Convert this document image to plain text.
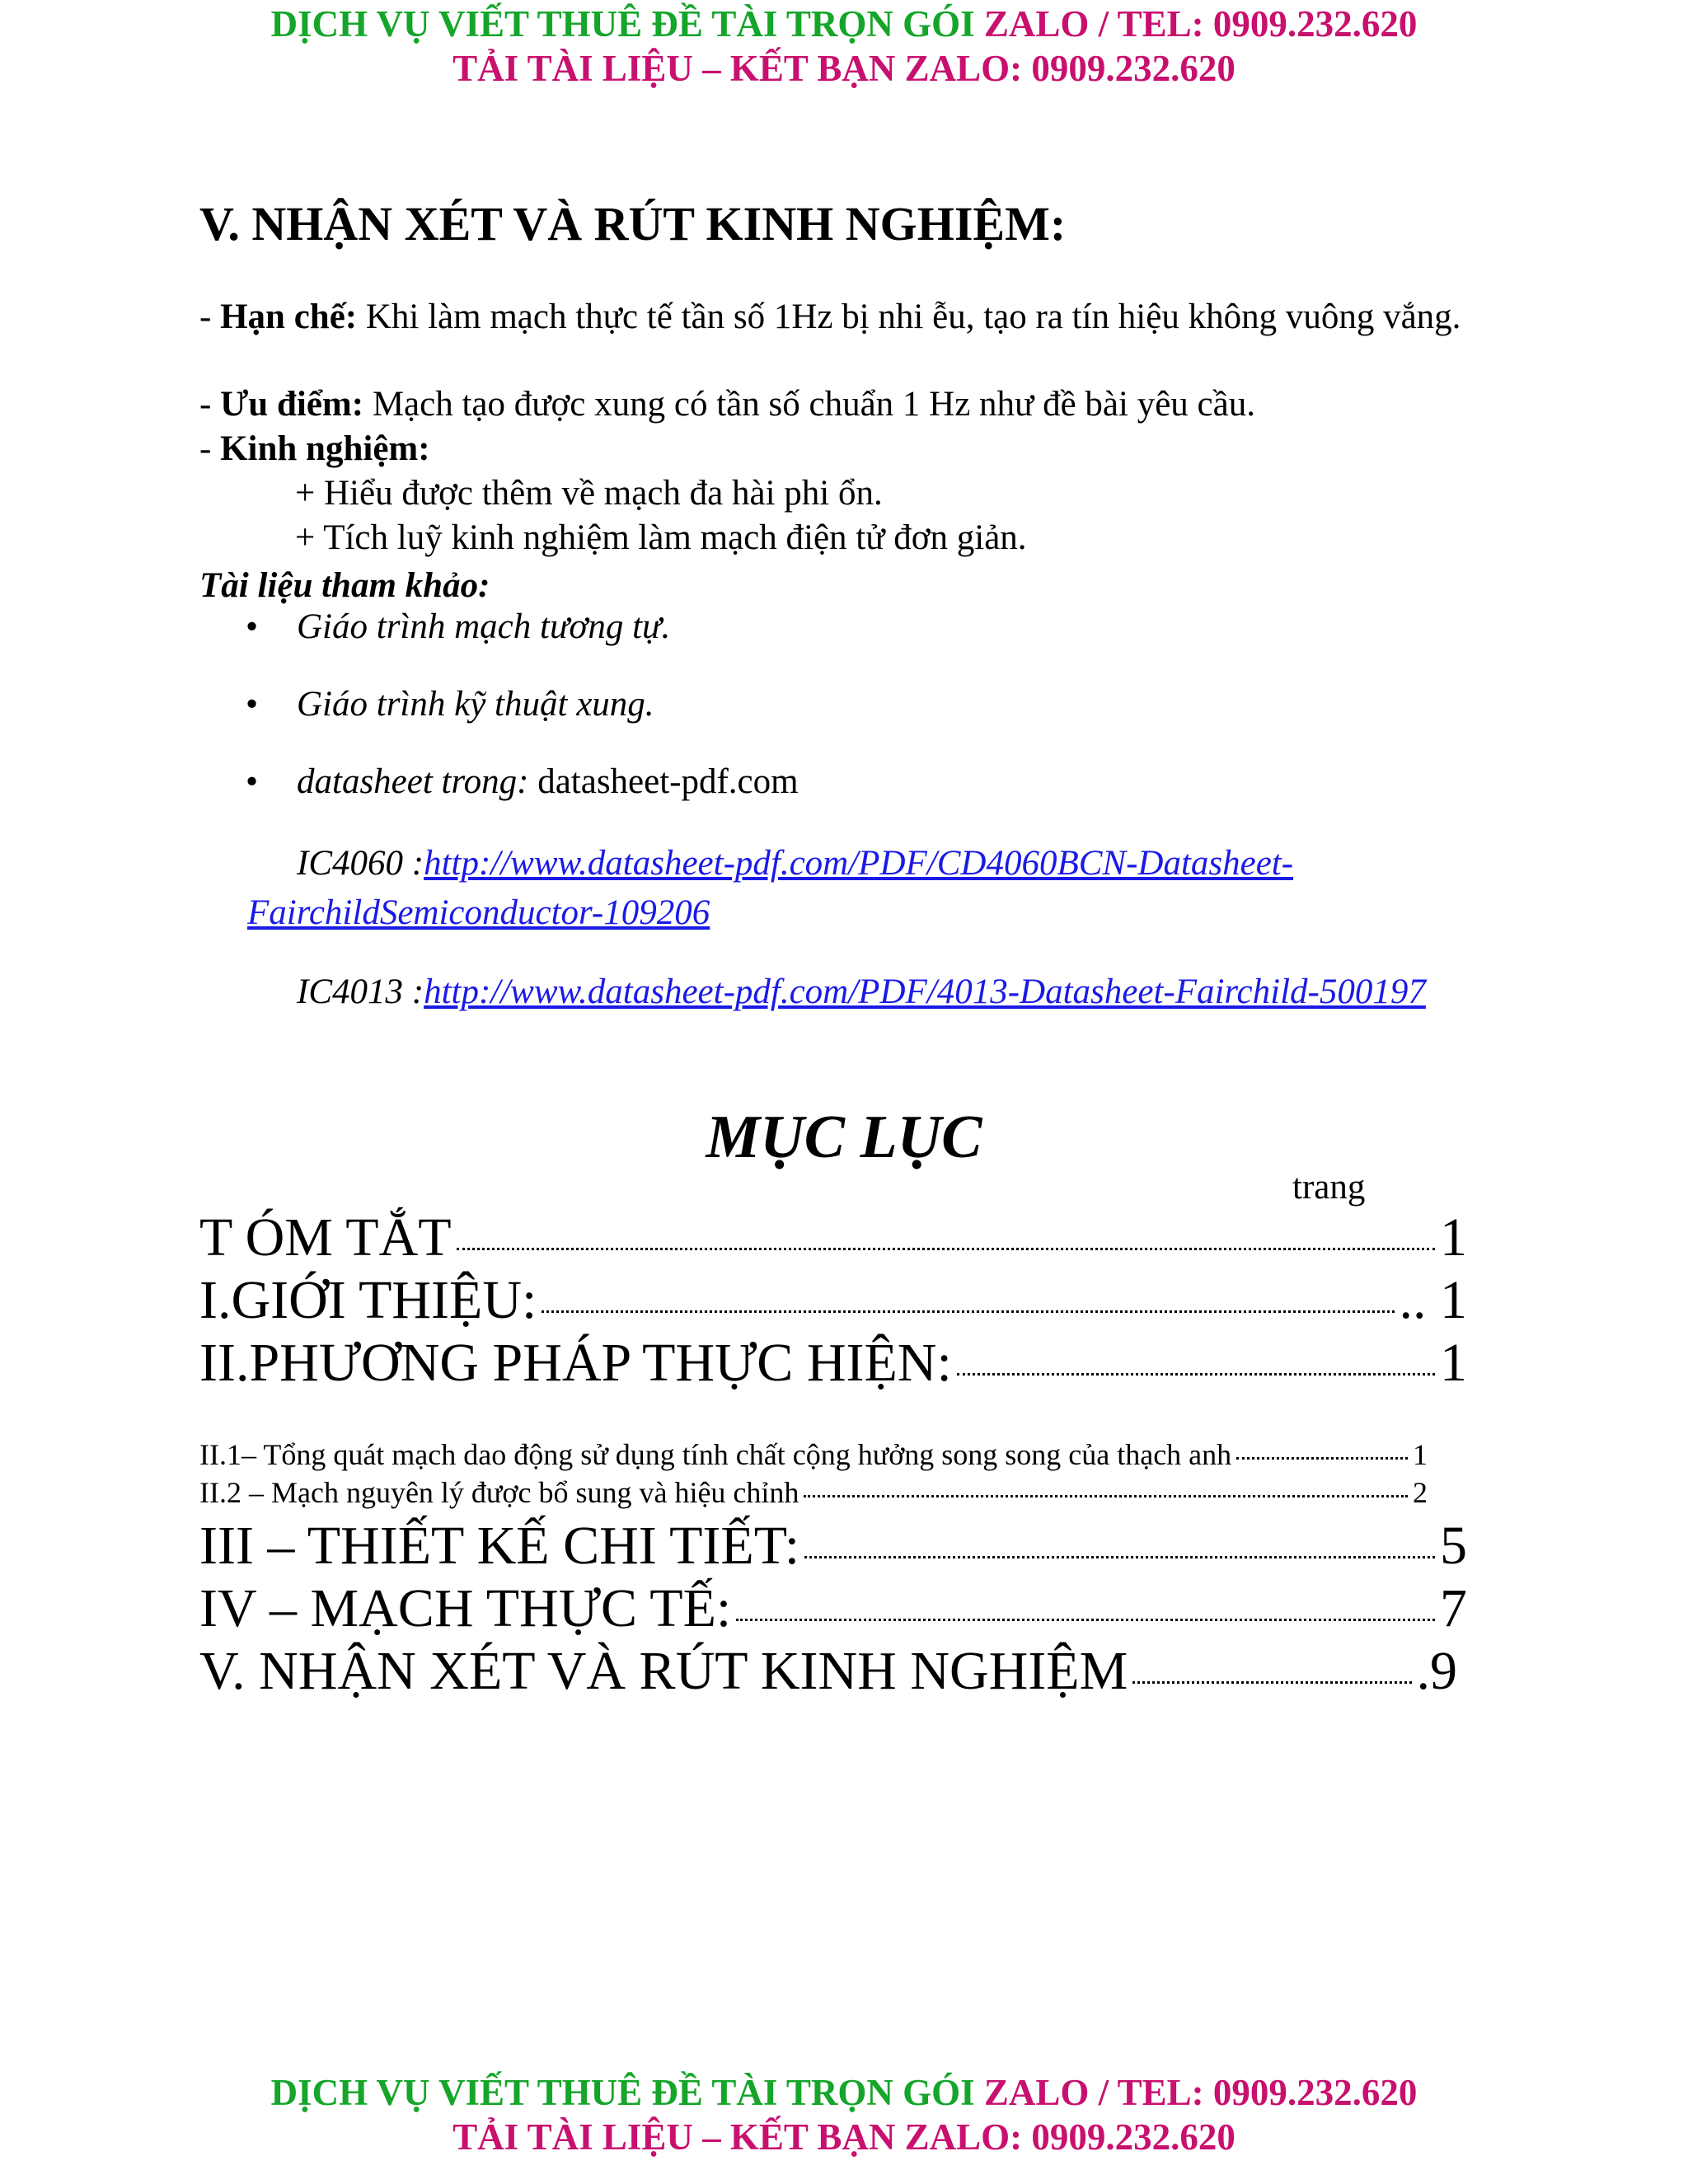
DỊCH VỤ VIẾT THUÊ ĐỀ TÀI TRỌN GÓI ZALO / TEL: 0909.232.620
TẢI TÀI LIỆU – KẾT BẠN ZALO: 0909.232.620
V. NHẬN XÉT VÀ RÚT KINH NGHIỆM:
- Hạn chế: Khi làm mạch thực tế tần số 1Hz bị nhi ễu, tạo ra tín hiệu không vuông vắng.
- Ưu điểm: Mạch tạo được xung có tần số chuẩn 1 Hz như đề bài yêu cầu.
- Kinh nghiệm:
+ Hiểu được thêm về mạch đa hài phi ổn.
+ Tích luỹ kinh nghiệm làm mạch điện tử đơn giản.
Tài liệu tham khảo:
• Giáo trình mạch tương tự.
• Giáo trình kỹ thuật xung.
• datasheet trong: datasheet-pdf.com
IC4060 :http://www.datasheet-pdf.com/PDF/CD4060BCN-Datasheet-FairchildSemiconductor-109206
IC4013 :http://www.datasheet-pdf.com/PDF/4013-Datasheet-Fairchild-500197
MỤC LỤC
trang
T ÓM TẮT	1
I.GIỚI THIỆU:	.. 1
II.PHƯƠNG PHÁP THỰC HIỆN:	1
II.1– Tổng quát mạch dao động sử dụng tính chất cộng hưởng song song của thạch anh	1
II.2 – Mạch nguyên lý được bổ sung và hiệu chỉnh	2
III – THIẾT KẾ CHI TIẾT:	5
IV – MẠCH THỰC TẾ:	7
V. NHẬN XÉT VÀ RÚT KINH NGHIỆM	.9
DỊCH VỤ VIẾT THUÊ ĐỀ TÀI TRỌN GÓI ZALO / TEL: 0909.232.620
TẢI TÀI LIỆU – KẾT BẠN ZALO: 0909.232.620
